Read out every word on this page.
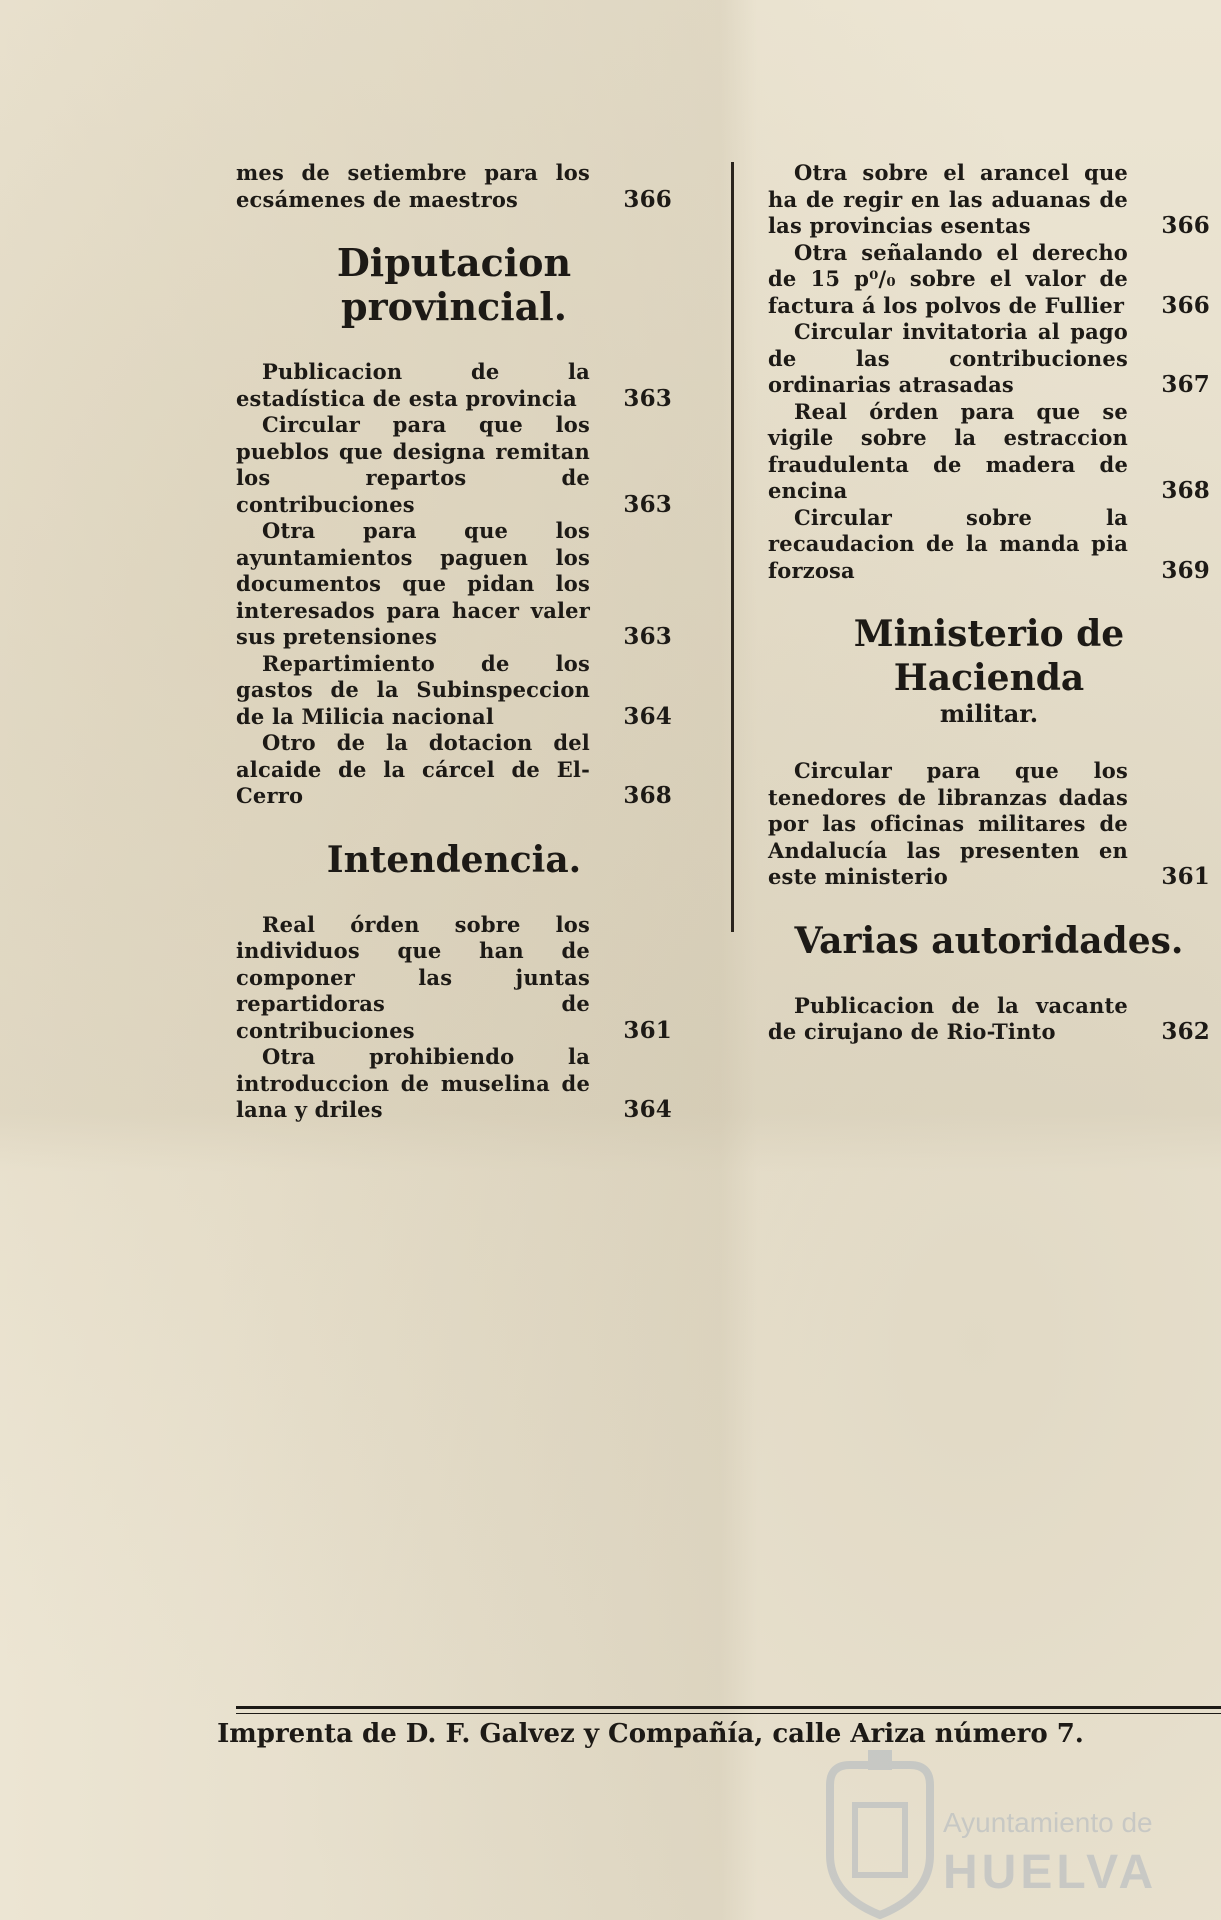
mes de setiembre para los ecsámenes de maestros	366
Diputacion provincial.
Publicacion de la estadística de esta provincia	363
Circular para que los pueblos que designa remitan los repartos de contribuciones	363
Otra para que los ayuntamientos paguen los documentos que pidan los interesados para hacer valer sus pretensiones	363
Repartimiento de los gastos de la Subinspeccion de la Milicia nacional	364
Otro de la dotacion del alcaide de la cárcel de El-Cerro	368
Intendencia.
Real órden sobre los individuos que han de componer las juntas repartidoras de contribuciones	361
Otra prohibiendo la introduccion de muselina de lana y driles	364
Otra sobre el arancel que ha de regir en las aduanas de las provincias esentas	366
Otra señalando el derecho de 15 p⁰/₀ sobre el valor de factura á los polvos de Fullier	366
Circular invitatoria al pago de las contribuciones ordinarias atrasadas	367
Real órden para que se vigile sobre la estraccion fraudulenta de madera de encina	368
Circular sobre la recaudacion de la manda pia forzosa	369
Ministerio de Hacienda
militar.
Circular para que los tenedores de libranzas dadas por las oficinas militares de Andalucía las presenten en este ministerio	361
Varias autoridades.
Publicacion de la vacante de cirujano de Rio-Tinto	362
Imprenta de D. F. Galvez y Compañía, calle Ariza número 7.
Ayuntamiento de
HUELVA
